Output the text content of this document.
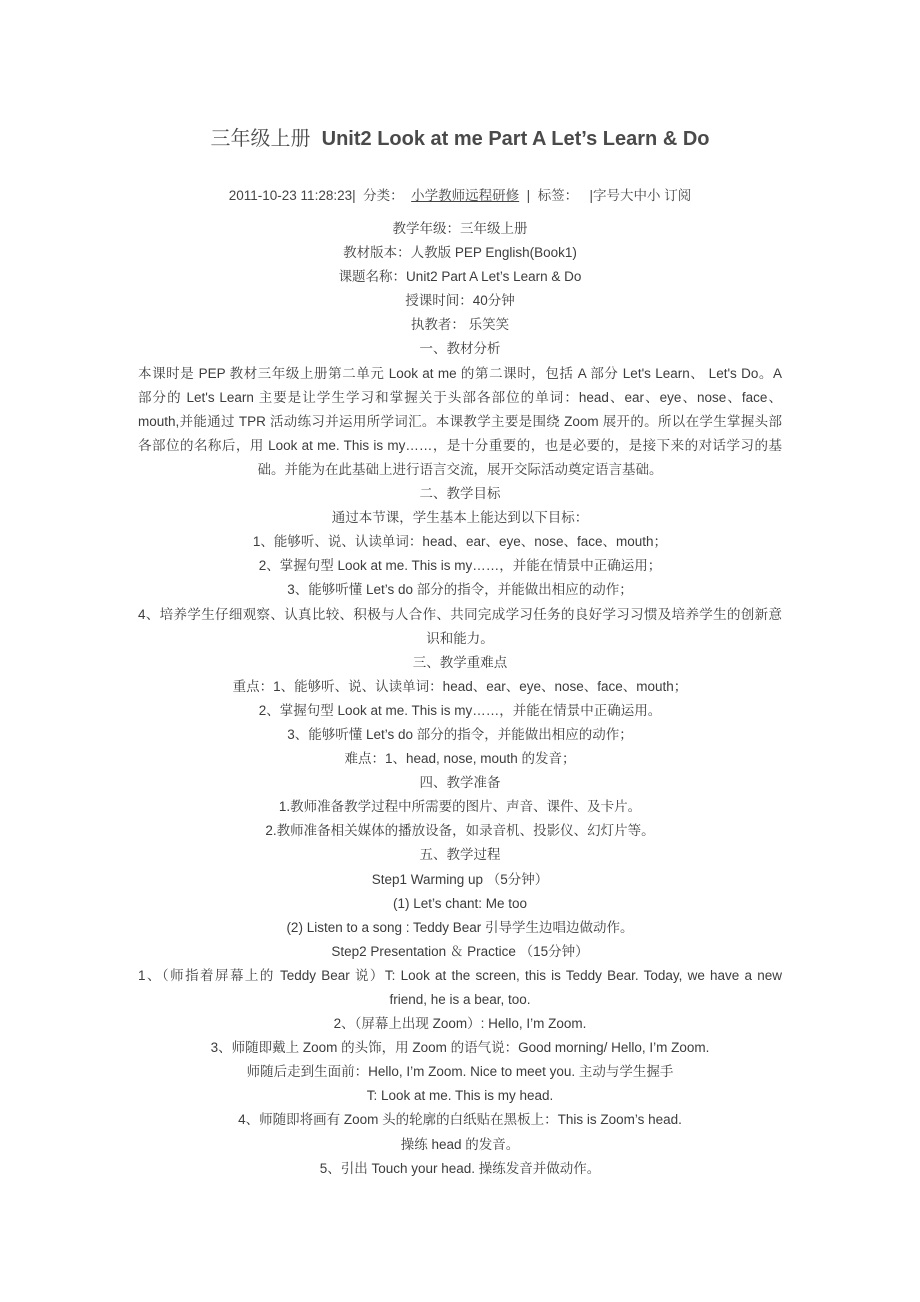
三年级上册 Unit2 Look at me Part A Let’s Learn & Do
2011-10-23 11:28:23| 分类： 小学教师远程研修 | 标签： |字号大中小 订阅
教学年级：三年级上册
教材版本：人教版 PEP English(Book1)
课题名称：Unit2 Part A Let’s Learn & Do
授课时间：40分钟
执教者： 乐笑笑
一、教材分析
本课时是 PEP 教材三年级上册第二单元 Look at me 的第二课时，包括 A 部分 Let's Learn、 Let's Do。A
部分的 Let's Learn 主要是让学生学习和掌握关于头部各部位的单词：head、ear、eye、nose、face、
mouth,并能通过 TPR 活动练习并运用所学词汇。本课教学主要是围绕 Zoom 展开的。所以在学生掌握头部
各部位的名称后，用 Look at me. This is my……，是十分重要的，也是必要的，是接下来的对话学习的基
础。并能为在此基础上进行语言交流，展开交际活动奠定语言基础。
二、教学目标
通过本节课，学生基本上能达到以下目标：
1、能够听、说、认读单词：head、ear、eye、nose、face、mouth；
2、掌握句型 Look at me. This is my……，并能在情景中正确运用；
3、能够听懂 Let’s do 部分的指令，并能做出相应的动作；
4、培养学生仔细观察、认真比较、积极与人合作、共同完成学习任务的良好学习习惯及培养学生的创新意
识和能力。
三、教学重难点
重点：1、能够听、说、认读单词：head、ear、eye、nose、face、mouth；
2、掌握句型 Look at me. This is my……，并能在情景中正确运用。
3、能够听懂 Let’s do 部分的指令，并能做出相应的动作；
难点：1、head, nose, mouth 的发音；
四、教学准备
1.教师准备教学过程中所需要的图片、声音、课件、及卡片。
2.教师准备相关媒体的播放设备，如录音机、投影仪、幻灯片等。
五、教学过程
Step1 Warming up （5分钟）
(1) Let’s chant: Me too
(2) Listen to a song : Teddy Bear 引导学生边唱边做动作。
Step2 Presentation ＆ Practice （15分钟）
1、（师指着屏幕上的 Teddy Bear 说）T: Look at the screen, this is Teddy Bear. Today, we have a new
friend, he is a bear, too.
2、（屏幕上出现 Zoom）: Hello, I’m Zoom.
3、师随即戴上 Zoom 的头饰，用 Zoom 的语气说：Good morning/ Hello, I’m Zoom.
师随后走到生面前：Hello, I’m Zoom. Nice to meet you. 主动与学生握手
T: Look at me. This is my head.
4、师随即将画有 Zoom 头的轮廓的白纸贴在黑板上：This is Zoom’s head.
操练 head 的发音。
5、引出 Touch your head. 操练发音并做动作。
